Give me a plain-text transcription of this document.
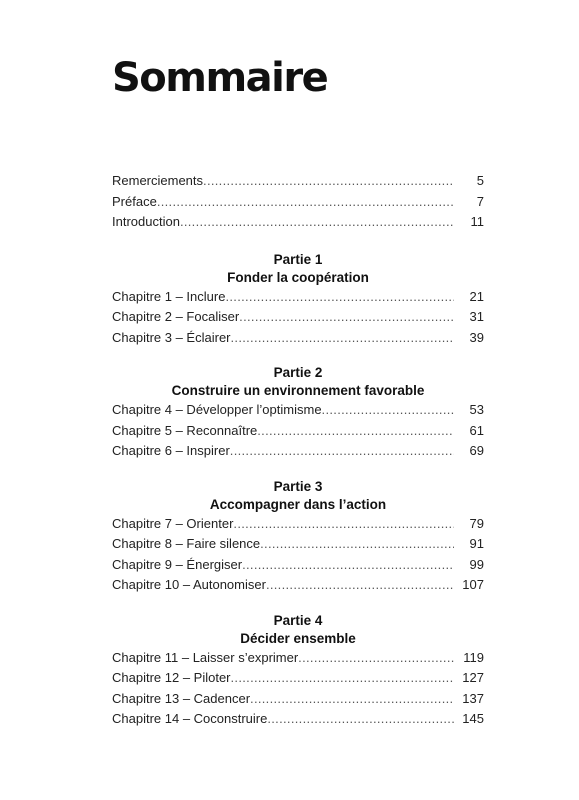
Sommaire
Remerciements .....	5
Préface .....	7
Introduction .....	11
Partie 1
Fonder la coopération
Chapitre 1 – Inclure .....	21
Chapitre 2 – Focaliser .....	31
Chapitre 3 – Éclairer .....	39
Partie 2
Construire un environnement favorable
Chapitre 4 – Développer l’optimisme .....	53
Chapitre 5 – Reconnaître .....	61
Chapitre 6 – Inspirer .....	69
Partie 3
Accompagner dans l’action
Chapitre 7 – Orienter .....	79
Chapitre 8 – Faire silence .....	91
Chapitre 9 – Énergiser .....	99
Chapitre 10 – Autonomiser .....	107
Partie 4
Décider ensemble
Chapitre 11 – Laisser s’exprimer .....	119
Chapitre 12 – Piloter .....	127
Chapitre 13 – Cadencer .....	137
Chapitre 14 – Coconstruire .....	145
